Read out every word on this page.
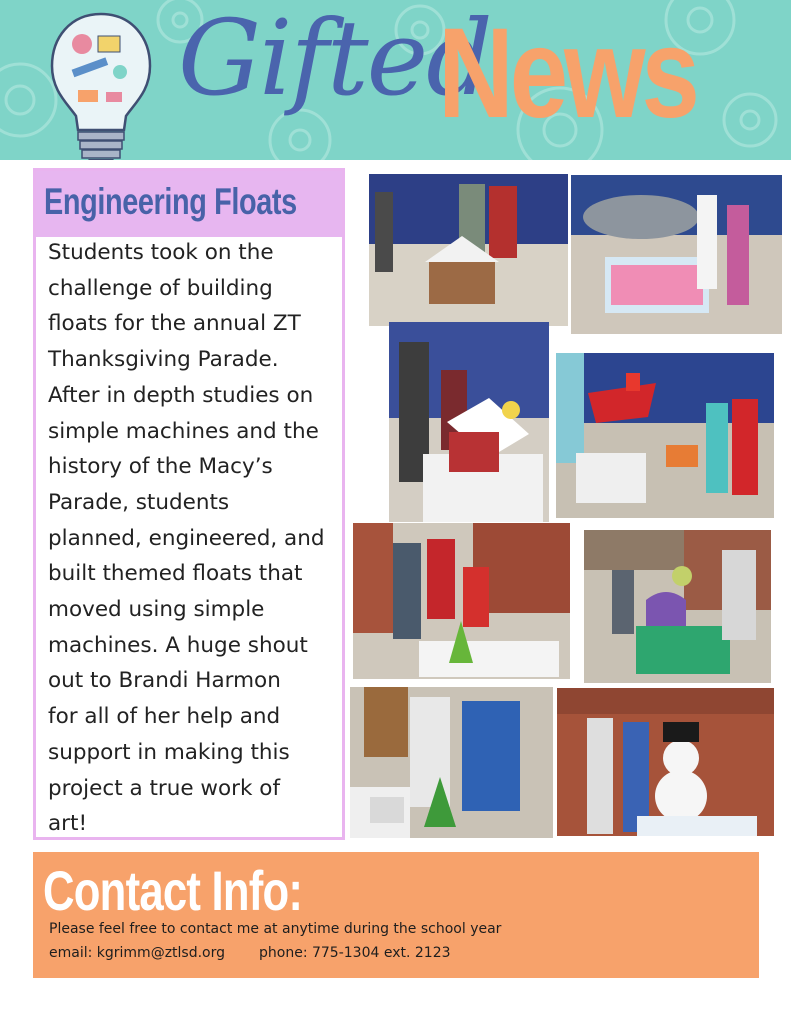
Gifted
News
Engineering Floats
Students took on the
challenge of building
floats for the annual ZT
Thanksgiving Parade.
After in depth studies on
simple machines and the
history of the Macy’s
Parade, students
planned, engineered, and
built themed floats that
moved using simple
machines. A huge shout
out to Brandi Harmon
for all of her help and
support in making this
project a true work of
art!
Contact Info:
Please feel free to contact me at anytime during the school year
email: kgrimm@ztlsd.org phone: 775-1304 ext. 2123
